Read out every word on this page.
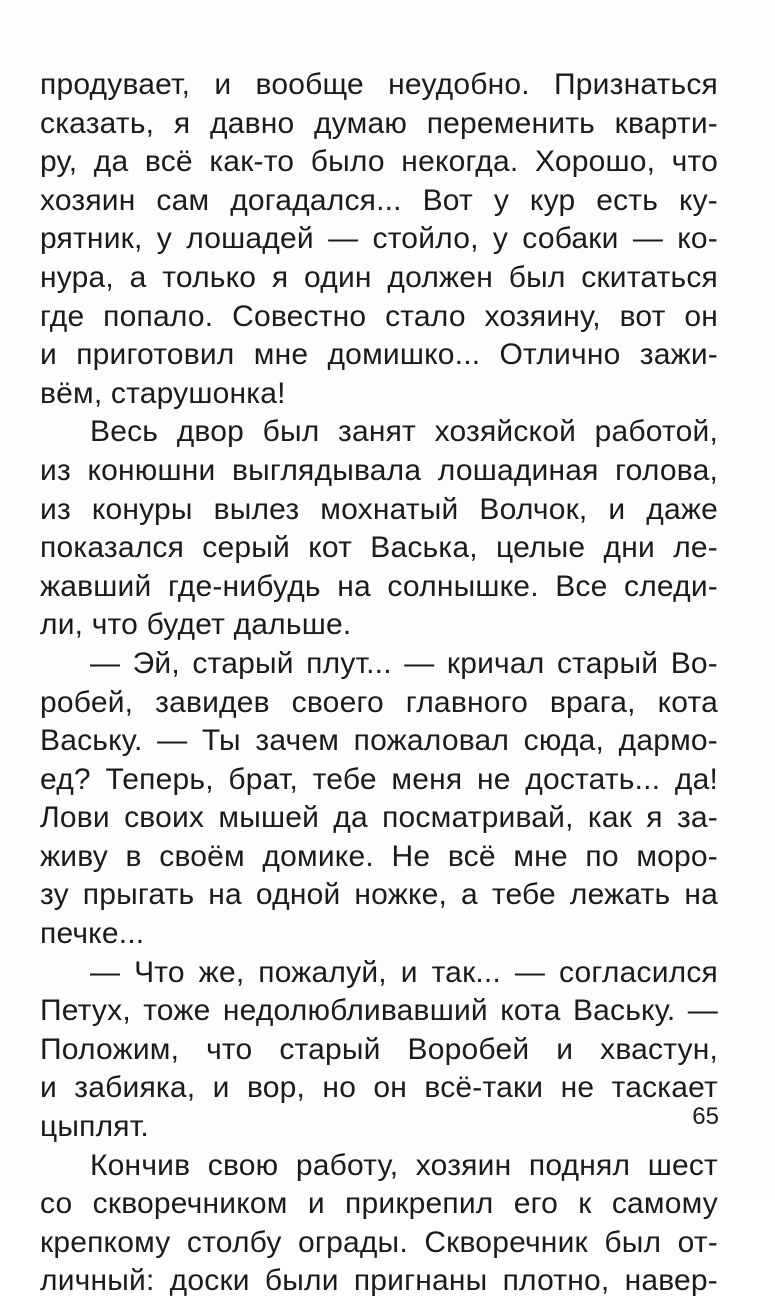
продувает, и вообще неудобно. Признаться
сказать, я давно думаю переменить кварти-
ру, да всё как-то было некогда. Хорошо, что
хозяин сам догадался... Вот у кур есть ку-
рятник, у лошадей — стойло, у собаки — ко-
нура, а только я один должен был скитаться
где попало. Совестно стало хозяину, вот он
и приготовил мне домишко... Отлично зажи-
вём, старушонка!
Весь двор был занят хозяйской работой,
из конюшни выглядывала лошадиная голова,
из конуры вылез мохнатый Волчок, и даже
показался серый кот Васька, целые дни ле-
жавший где-нибудь на солнышке. Все следи-
ли, что будет дальше.
— Эй, старый плут... — кричал старый Во-
робей, завидев своего главного врага, кота
Ваську. — Ты зачем пожаловал сюда, дармо-
ед? Теперь, брат, тебе меня не достать... да!
Лови своих мышей да посматривай, как я за-
живу в своём домике. Не всё мне по моро-
зу прыгать на одной ножке, а тебе лежать на
печке...
— Что же, пожалуй, и так... — согласился
Петух, тоже недолюбливавший кота Ваську. —
Положим, что старый Воробей и хвастун,
и забияка, и вор, но он всё-таки не таскает
цыплят.
Кончив свою работу, хозяин поднял шест
со скворечником и прикрепил его к самому
крепкому столбу ограды. Скворечник был от-
личный: доски были пригнаны плотно, навер-
65
